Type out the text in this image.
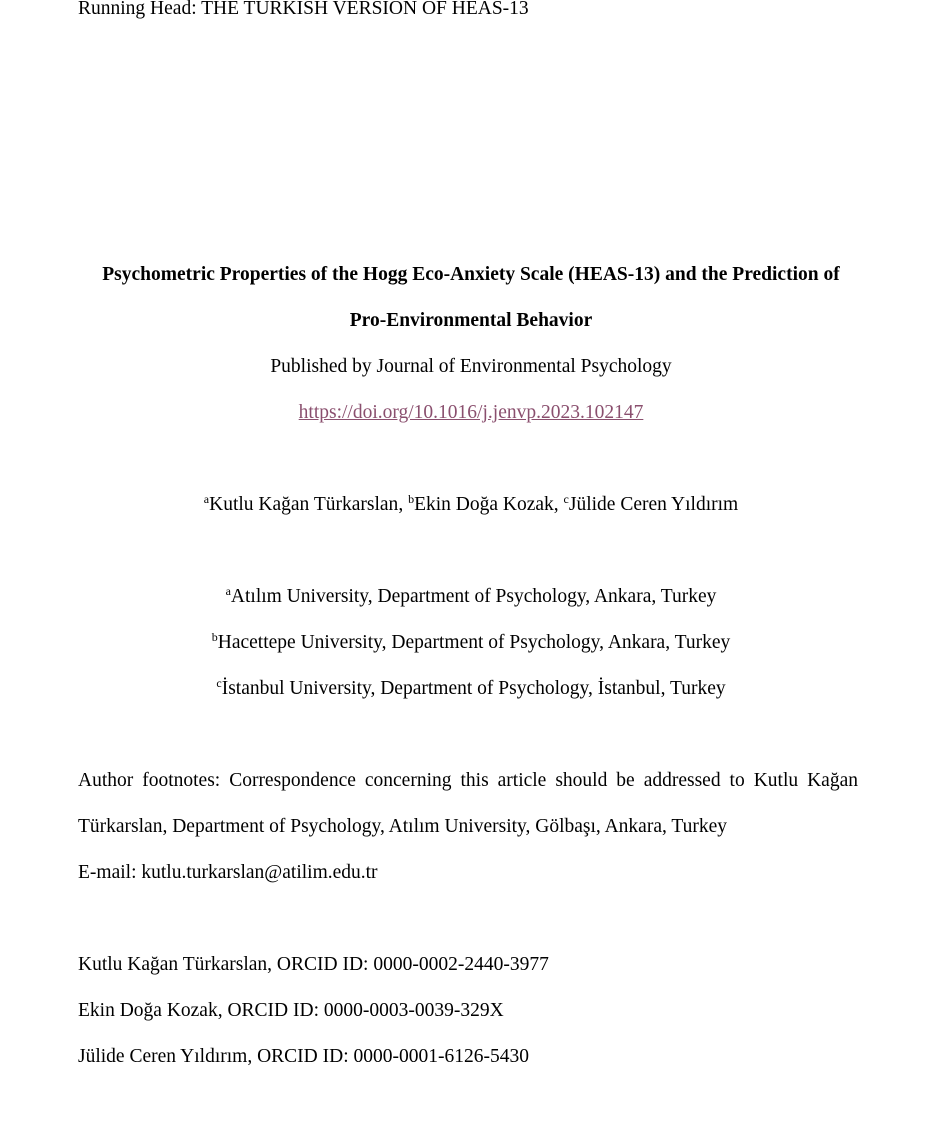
Running Head: THE TURKISH VERSION OF HEAS-13
Psychometric Properties of the Hogg Eco-Anxiety Scale (HEAS-13) and the Prediction of
Pro-Environmental Behavior
Published by Journal of Environmental Psychology
https://doi.org/10.1016/j.jenvp.2023.102147
$^a$Kutlu Kağan Türkarslan, $^b$Ekin Doğa Kozak, $^c$Jülide Ceren Yıldırım
$^a$Atılım University, Department of Psychology, Ankara, Turkey
$^b$Hacettepe University, Department of Psychology, Ankara, Turkey
$^c$İstanbul University, Department of Psychology, İstanbul, Turkey
Author footnotes: Correspondence concerning this article should be addressed to Kutlu Kağan
Türkarslan, Department of Psychology, Atılım University, Gölbaşı, Ankara, Turkey
E-mail: kutlu.turkarslan@atilim.edu.tr
Kutlu Kağan Türkarslan, ORCID ID: 0000-0002-2440-3977
Ekin Doğa Kozak, ORCID ID: 0000-0003-0039-329X
Jülide Ceren Yıldırım, ORCID ID: 0000-0001-6126-5430
